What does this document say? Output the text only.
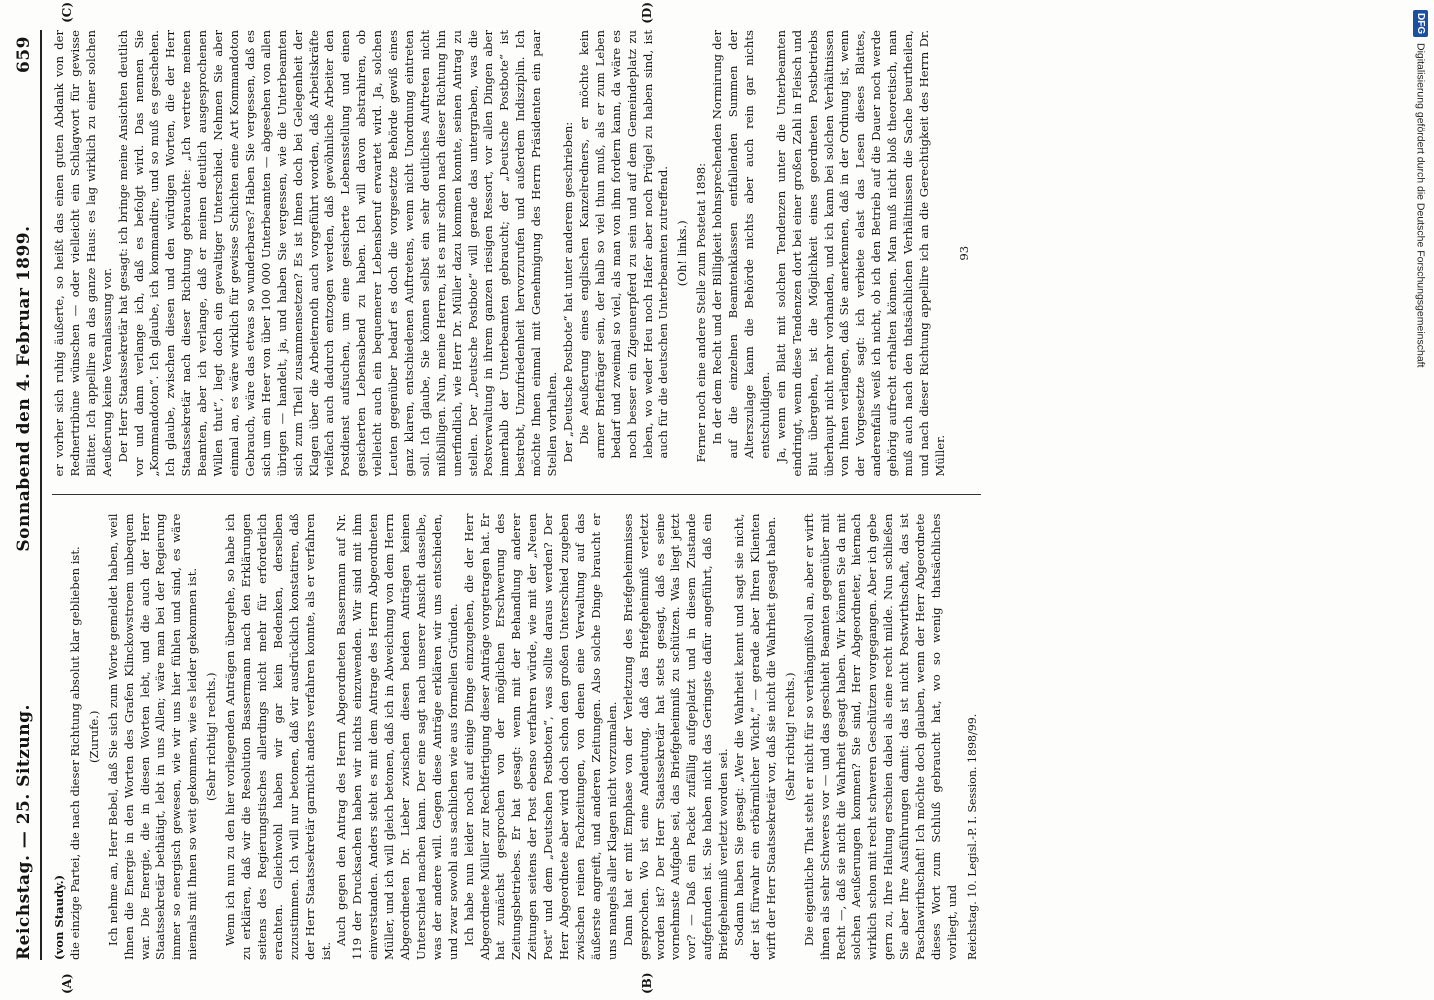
Reichstag. — 25. Sitzung.
Sonnabend den 4. Februar 1899.
659

(von Staudy.) die einzige Partei, die nach dieser Richtung absolut klar geblieben ist. (Zurufe.) Ich nehme an, Herr Bebel, daß Sie sich zum Worte gemeldet haben, weil Ihnen die Energie in den Worten des Grafen Klinckowstroem unbequem war. Die Energie, die in diesen Worten lebt, und die auch der Herr Staatssekretär bethätigt, lebt in uns Allen; wäre man bei der Regierung immer so energisch gewesen, wie wir uns hier fühlen und sind, es wäre niemals mit Ihnen so weit gekommen, wie es leider gekommen ist. (Sehr richtig! rechts.) Wenn ich nun zu den hier vorliegenden Anträgen übergehe, so habe ich zu erklären, daß wir die Resolution Bassermann nach den Erklärungen seitens des Regierungstisches allerdings nicht mehr für erforderlich erachten. Gleichwohl haben wir gar kein Bedenken, derselben zuzustimmen. Ich will nur betonen, daß wir ausdrücklich konstatiren, daß der Herr Staatssekretär garnicht anders verfahren konnte, als er verfahren ist.

Auch gegen den Antrag des Herrn Abgeordneten Bassermann auf Nr. 119 der Drucksachen haben wir nichts einzuwenden. Wir sind mit ihm einverstanden. Anders steht es mit dem Antrage des Herrn Abgeordneten Müller, und ich will gleich betonen, daß ich in Abweichung von dem Herrn Abgeordneten Dr. Lieber zwischen diesen beiden Anträgen keinen Unterschied machen kann. Der eine sagt nach unserer Ansicht dasselbe, was der andere will. Gegen diese Anträge erklären wir uns entschieden, und zwar sowohl aus sachlichen wie aus formellen Gründen. Ich habe nun leider noch auf einige Dinge einzugehen, die der Herr Abgeordnete Müller zur Rechtfertigung dieser Anträge vorgetragen hat. Er hat zunächst gesprochen von der möglichen Erschwerung des Zeitungsbetriebes. Er hat gesagt: wenn mit der Behandlung anderer Zeitungen seitens der Post ebenso verfahren würde, wie mit der „Neuen Post“ und dem „Deutschen Postboten“, was sollte daraus werden? Der Herr Abgeordnete aber wird doch schon den großen Unterschied zugeben zwischen reinen Fachzeitungen, von denen eine Verwaltung auf das äußerste angreift, und anderen Zeitungen. Also solche Dinge braucht er uns mangels aller Klagen nicht vorzumalen. Dann hat er mit Emphase von der Verletzung des Briefgeheimnisses gesprochen. Wo ist eine Andeutung, daß das Briefgeheimniß verletzt worden ist? Der Herr Staatssekretär hat stets gesagt, daß es seine vornehmste Aufgabe sei, das Briefgeheimniß zu schützen. Was liegt jetzt vor? — Daß ein Packet zufällig aufgeplatzt und in diesem Zustande aufgefunden ist. Sie haben nicht das Geringste dafür angeführt, daß ein Briefgeheimniß verletzt worden sei. Sodann haben Sie gesagt: „Wer die Wahrheit kennt und sagt sie nicht, der ist fürwahr ein erbärmlicher Wicht,“ — gerade aber Ihren Klienten wirft der Herr Staatssekretär vor, daß sie nicht die Wahrheit gesagt haben. (Sehr richtig! rechts.) Die eigentliche That steht er nicht für so verhängnißvoll an, aber er wirft ihnen als sehr Schweres vor — und das geschieht Beamten gegenüber mit Recht —, daß sie nicht die Wahrheit gesagt haben. Wir können Sie da mit solchen Aeußerungen kommen? Sie sind, Herr Abgeordneter, hiernach wirklich schon mit recht schweren Geschützen vorgegangen. Aber ich gebe gern zu, Ihre Haltung erschien dabei als eine recht milde. Nun schließen Sie aber Ihre Ausführungen damit: das ist nicht Postwirthschaft, das ist Paschawirthschaft! Ich möchte doch glauben, wenn der Herr Abgeordnete dieses Wort zum Schluß gebraucht hat, wo so wenig thatsächliches vorliegt, und Reichstag. 10. Legisl.-P. I. Session. 1898/99.

er vorher sich ruhig äußerte, so heißt das einen guten Abdank von der Rednertribüne wünschen — oder vielleicht ein Schlagwort für gewisse Blätter. Ich appellire an das ganze Haus: es lag wirklich zu einer solchen Aeußerung keine Veranlassung vor. Der Herr Staatssekretär hat gesagt: ich bringe meine Ansichten deutlich vor und dann verlange ich, daß es befolgt wird. Das nennen Sie „Kommandoton“. Ich glaube, ich kommandire, und so muß es geschehen. Ich glaube, zwischen diesen und den würdigen Worten, die der Herr Staatssekretär nach dieser Richtung gebrauchte: „Ich vertrete meinen Beamten, aber ich verlange, daß er meinen deutlich ausgesprochenen Willen thut“, liegt doch ein gewaltiger Unterschied. Nehmen Sie aber einmal an, es wäre wirklich für gewisse Schichten eine Art Kommandoton Gebrauch, wäre das etwas so wunderbares? Haben Sie vergessen, daß es sich um ein Heer von über 100 000 Unterbeamten — abgesehen von allen übrigen — handelt, ja, und haben Sie vergessen, wie die Unterbeamten sich zum Theil zusammensetzen? Es ist Ihnen doch bei Gelegenheit der Klagen über die Arbeiternoth auch vorgeführt worden, daß Arbeitskräfte vielfach auch dadurch entzogen werden, daß gewöhnliche Arbeiter den Postdienst aufsuchen, um eine gesicherte Lebensstellung und einen gesicherten Lebensabend zu haben. Ich will davon abstrahiren, ob vielleicht auch ein bequemerer Lebensberuf erwartet wird. Ja, solchen Leuten gegenüber bedarf es doch die vorgesetzte Behörde gewiß eines ganz klaren, entschiedenen Auftretens, wenn nicht Unordnung eintreten soll. Ich glaube, Sie können selbst ein sehr deutliches Auftreten nicht mißbilligen. Nun, meine Herren, ist es mir schon nach dieser Richtung hin unerfindlich, wie Herr Dr. Müller dazu kommen konnte, seinen Antrag zu stellen. Der „Deutsche Postbote“ will gerade das untergraben, was die Postverwaltung in ihrem ganzen riesigen Ressort, vor allen Dingen aber innerhalb der Unterbeamten gebraucht; der „Deutsche Postbote“ ist bestrebt, Unzufriedenheit hervorzurufen und außerdem Indisziplin. Ich möchte Ihnen einmal mit Genehmigung des Herrn Präsidenten ein paar Stellen vorhalten. Der „Deutsche Postbote“ hat unter anderem geschrieben: Die Aeußerung eines englischen Kanzelredners, er möchte kein armer Briefträger sein, der halb so viel thun muß, als er zum Leben bedarf und zweimal so viel, als man von ihm fordern kann, da wäre es noch besser ein Zigeunerpferd zu sein und auf dem Gemeindeplatz zu leben, wo weder Heu noch Hafer aber noch Prügel zu haben sind, ist auch für die deutschen Unterbeamten zutreffend. (Oh! links.) Ferner noch eine andere Stelle zum Postetat 1898: In der dem Recht und der Billigkeit hohnsprechenden Normirung der auf die einzelnen Beamtenklassen entfallenden Summen der Alterszulage kann die Behörde nichts aber auch rein gar nichts entschuldigen. Ja, wenn ein Blatt mit solchen Tendenzen unter die Unterbeamten eindringt, wenn diese Tendenzen dort bei einer großen Zahl in Fleisch und Blut übergehen, ist die Möglichkeit eines geordneten Postbetriebs überhaupt nicht mehr vorhanden, und ich kann bei solchen Verhältnissen von Ihnen verlangen, daß Sie anerkennen, daß in der Ordnung ist, wenn der Vorgesetzte sagt: ich verbiete elast das Lesen dieses Blattes, anderenfalls weiß ich nicht, ob ich den Betrieb auf die Dauer noch werde gehörig aufrecht erhalten können. Man muß nicht bloß theoretisch, man muß auch nach den thatsächlichen Verhältnissen die Sache beurtheilen, und nach dieser Richtung appellire ich an die Gerechtigkeit des Herrn Dr. Müller.

93
(A)	(B)
(C)	(D)	DFG
Digitalisierung gefördert durch die Deutsche Forschungsgemeinschaft
